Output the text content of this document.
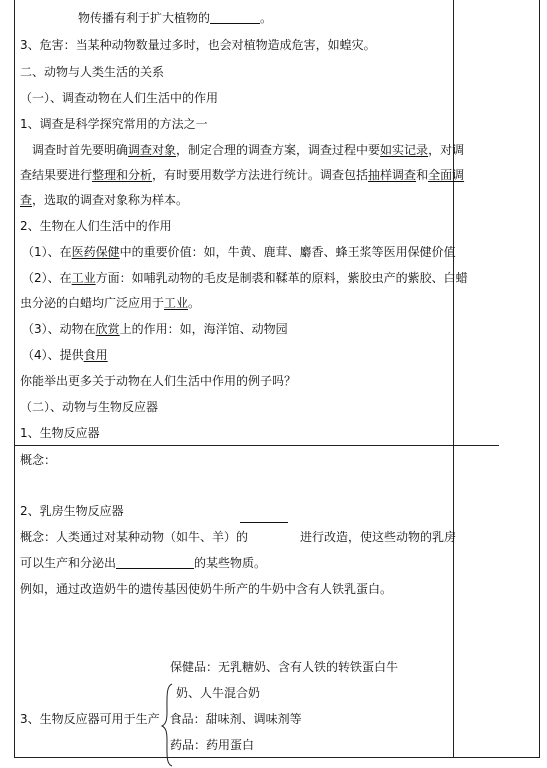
物传播有利于扩大植物的	。
3、危害：当某种动物数量过多时，也会对植物造成危害，如蝗灾。
二、动物与人类生活的关系
（一）、调查动物在人们生活中的作用
1、调查是科学探究常用的方法之一
调查时首先要明确调查对象，制定合理的调查方案，调查过程中要如实记录，对调
查结果要进行整理和分析，有时要用数学方法进行统计。调查包括抽样调查和全面调
查，选取的调查对象称为样本。
2、生物在人们生活中的作用
（1）、在医药保健中的重要价值：如，牛黄、鹿茸、麝香、蜂王浆等医用保健价值
（2）、在工业方面：如哺乳动物的毛皮是制裘和鞣革的原料，紫胶虫产的紫胶、白蜡
虫分泌的白蜡均广泛应用于工业。
（3）、动物在欣赏上的作用：如，海洋馆、动物园
（4）、提供食用
你能举出更多关于动物在人们生活中作用的例子吗？
（二）、动物与生物反应器
1、生物反应器
概念：
2、乳房生物反应器
概念：人类通过对某种动物（如牛、羊）的	进行改造，使这些动物的乳房
可以生产和分泌出	的某些物质。
例如，通过改造奶牛的遗传基因使奶牛所产的牛奶中含有人铁乳蛋白。
保健品：无乳糖奶、含有人铁的转铁蛋白牛
奶、人牛混合奶
3、生物反应器可用于生产 食品：甜味剂、调味剂等
药品：药用蛋白
